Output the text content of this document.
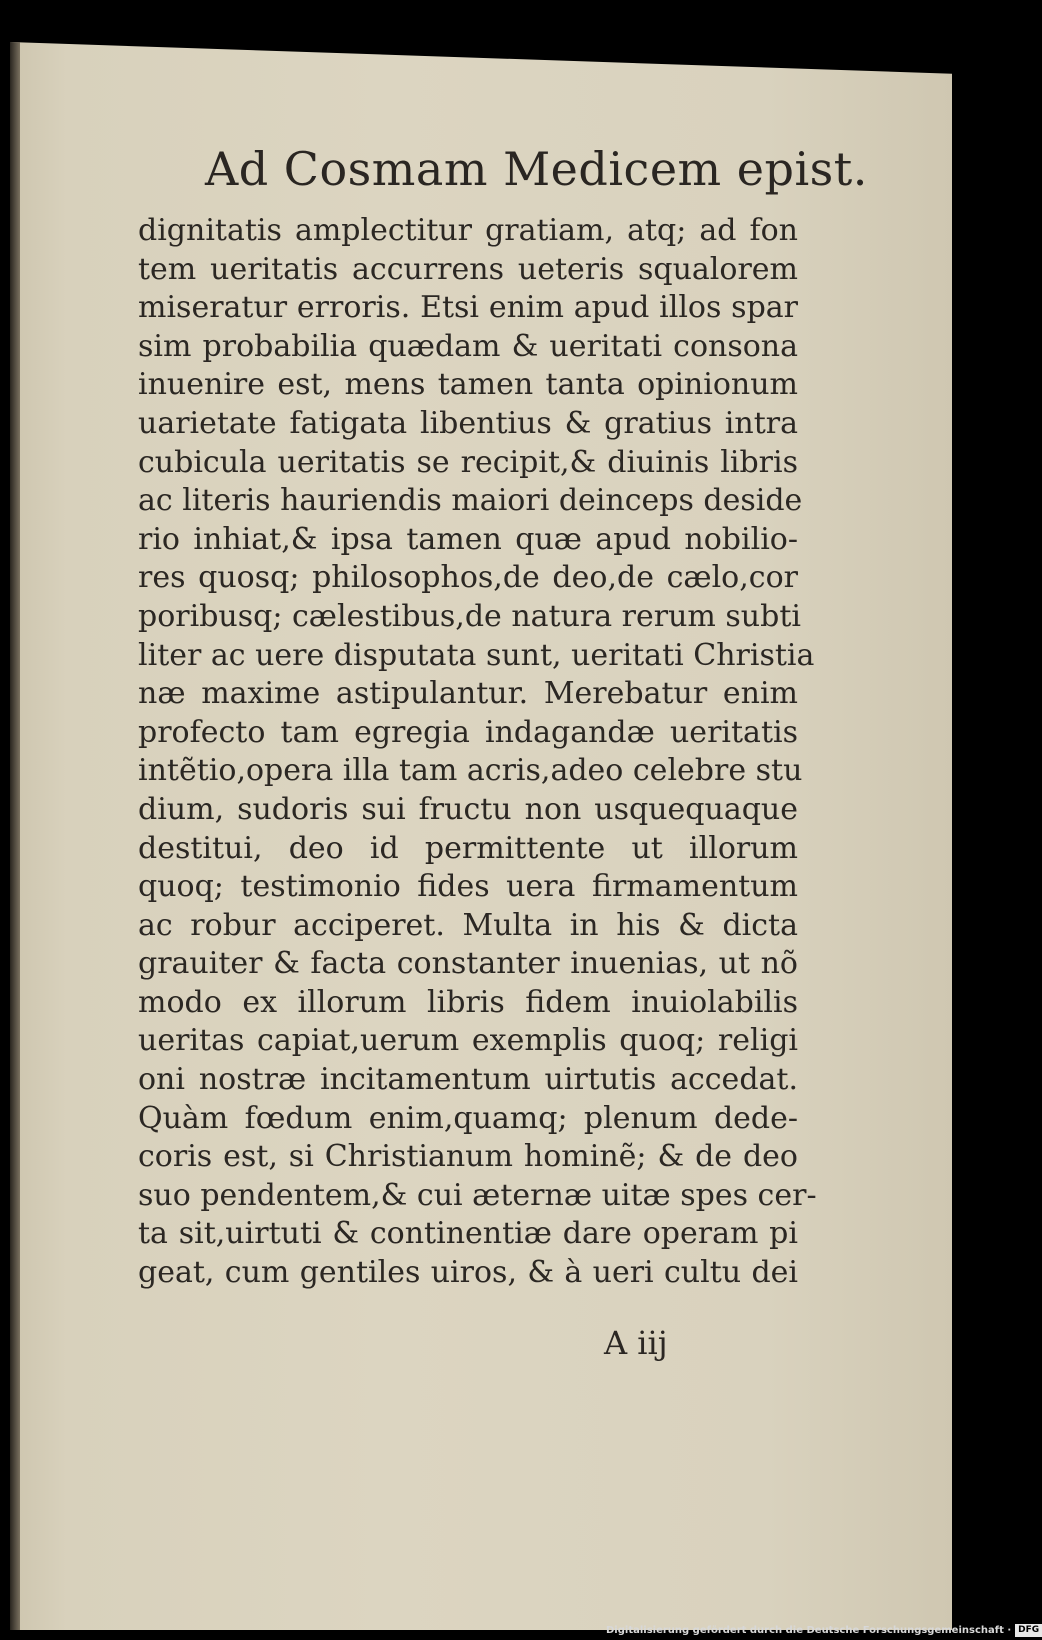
Ad Cosmam Medicem epist.
dignitatis amplectitur gratiam, atq; ad fon
tem ueritatis accurrens ueteris squalorem
miseratur erroris. Etsi enim apud illos spar
sim probabilia quædam & ueritati consona
inuenire est, mens tamen tanta opinionum
uarietate fatigata libentius & gratius intra
cubicula ueritatis se recipit,& diuinis libris
ac literis hauriendis maiori deinceps deside
rio inhiat,& ipsa tamen quæ apud nobilio-
res quosq; philosophos,de deo,de cælo,cor
poribusq; cælestibus,de natura rerum subti
liter ac uere disputata sunt, ueritati Christia
næ maxime astipulantur. Merebatur enim
profecto tam egregia indagandæ ueritatis
intẽtio,opera illa tam acris,adeo celebre stu
dium, sudoris sui fructu non usquequaque
destitui, deo id permittente ut illorum
quoq; testimonio fides uera firmamentum
ac robur acciperet. Multa in his & dicta
grauiter & facta constanter inuenias, ut nõ
modo ex illorum libris fidem inuiolabilis
ueritas capiat,uerum exemplis quoq; religi
oni nostræ incitamentum uirtutis accedat.
Quàm fœdum enim,quamq; plenum dede-
coris est, si Christianum hominẽ; & de deo
suo pendentem,& cui æternæ uitæ spes cer-
ta sit,uirtuti & continentiæ dare operam pi
geat, cum gentiles uiros, & à ueri cultu dei
A iij
Digitalisierung gefördert durch die Deutsche Forschungsgemeinschaft · DFG
